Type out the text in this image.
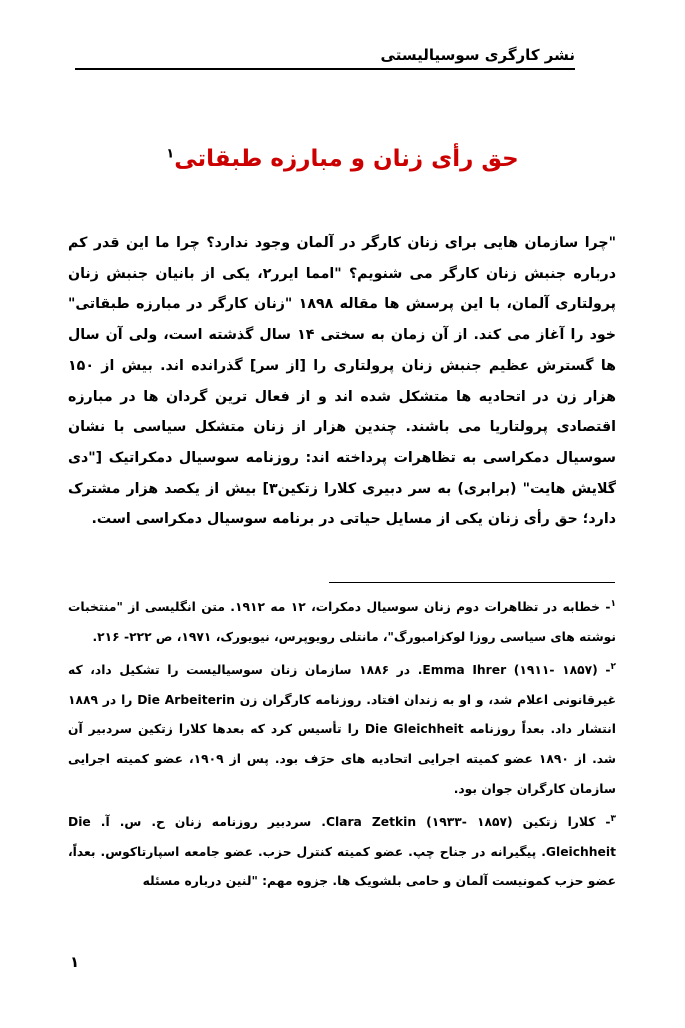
نشر کارگری سوسیالیستی
حق رأی زنان و مبارزه طبقاتی$^۱$
"چرا سازمان هایی برای زنان کارگر در آلمان وجود ندارد؟ چرا ما این قدر کم درباره جنبش زنان کارگر می شنویم؟ "امما ایرر۲، یکی از بانیان جنبش زنان پرولتاری آلمان، با این پرسش ها مقاله ۱۸۹۸ "زنان کارگر در مبارزه طبقاتی" خود را آغاز می کند. از آن زمان به سختی ۱۴ سال گذشته است، ولی آن سال ها گسترش عظیم جنبش زنان پرولتاری را [از سر] گذرانده اند. بیش از ۱۵۰ هزار زن در اتحادیه ها متشکل شده اند و از فعال ترین گردان ها در مبارزه اقتصادی پرولتاریا می باشند. چندین هزار از زنان متشکل سیاسی با نشان سوسیال دمکراسی به تظاهرات پرداخته اند: روزنامه سوسیال دمکراتیک ["دی گلایش هایت" (برابری) به سر دبیری کلارا زتکین۳] بیش از یکصد هزار مشترک دارد؛ حق رأی زنان یکی از مسایل حیاتی در برنامه سوسیال دمکراسی است.

$^۱$- خطابه در تظاهرات دوم زنان سوسیال دمکرات، ۱۲ مه ۱۹۱۲. متن انگلیسی از "منتخبات نوشته های سیاسی روزا لوکزامبورگ"، مانتلی رویوپرس، نیویورک، ۱۹۷۱، ص ۲۲۲- ۲۱۶.

$^۲$- Emma Ihrer (۱۹۱۱- ۱۸۵۷). در ۱۸۸۶ سازمان زنان سوسیالیست را تشکیل داد، که غیرقانونی اعلام شد، و او به زندان افتاد. روزنامه کارگران زن Die Arbeiterin را در ۱۸۸۹ انتشار داد. بعداً روزنامه Die Gleichheit را تأسیس کرد که بعدها کلارا زتکین سردبیر آن شد. از ۱۸۹۰ عضو کمیته اجرایی اتحادیه های حرَف بود. پس از ۱۹۰۹، عضو کمیته اجرایی سازمان کارگران جوان بود.

$^۳$- کلارا زتکین Clara Zetkin (۱۹۳۳- ۱۸۵۷). سردبیر روزنامه زنان ح. س. آ. Die Gleichheit. پیگیرانه در جناح چپ. عضو کمیته کنترل حزب. عضو جامعه اسپارتاکوس. بعداً، عضو حزب کمونیست آلمان و حامی بلشویک ها. جزوه مهم: "لنین درباره مسئله

۱
